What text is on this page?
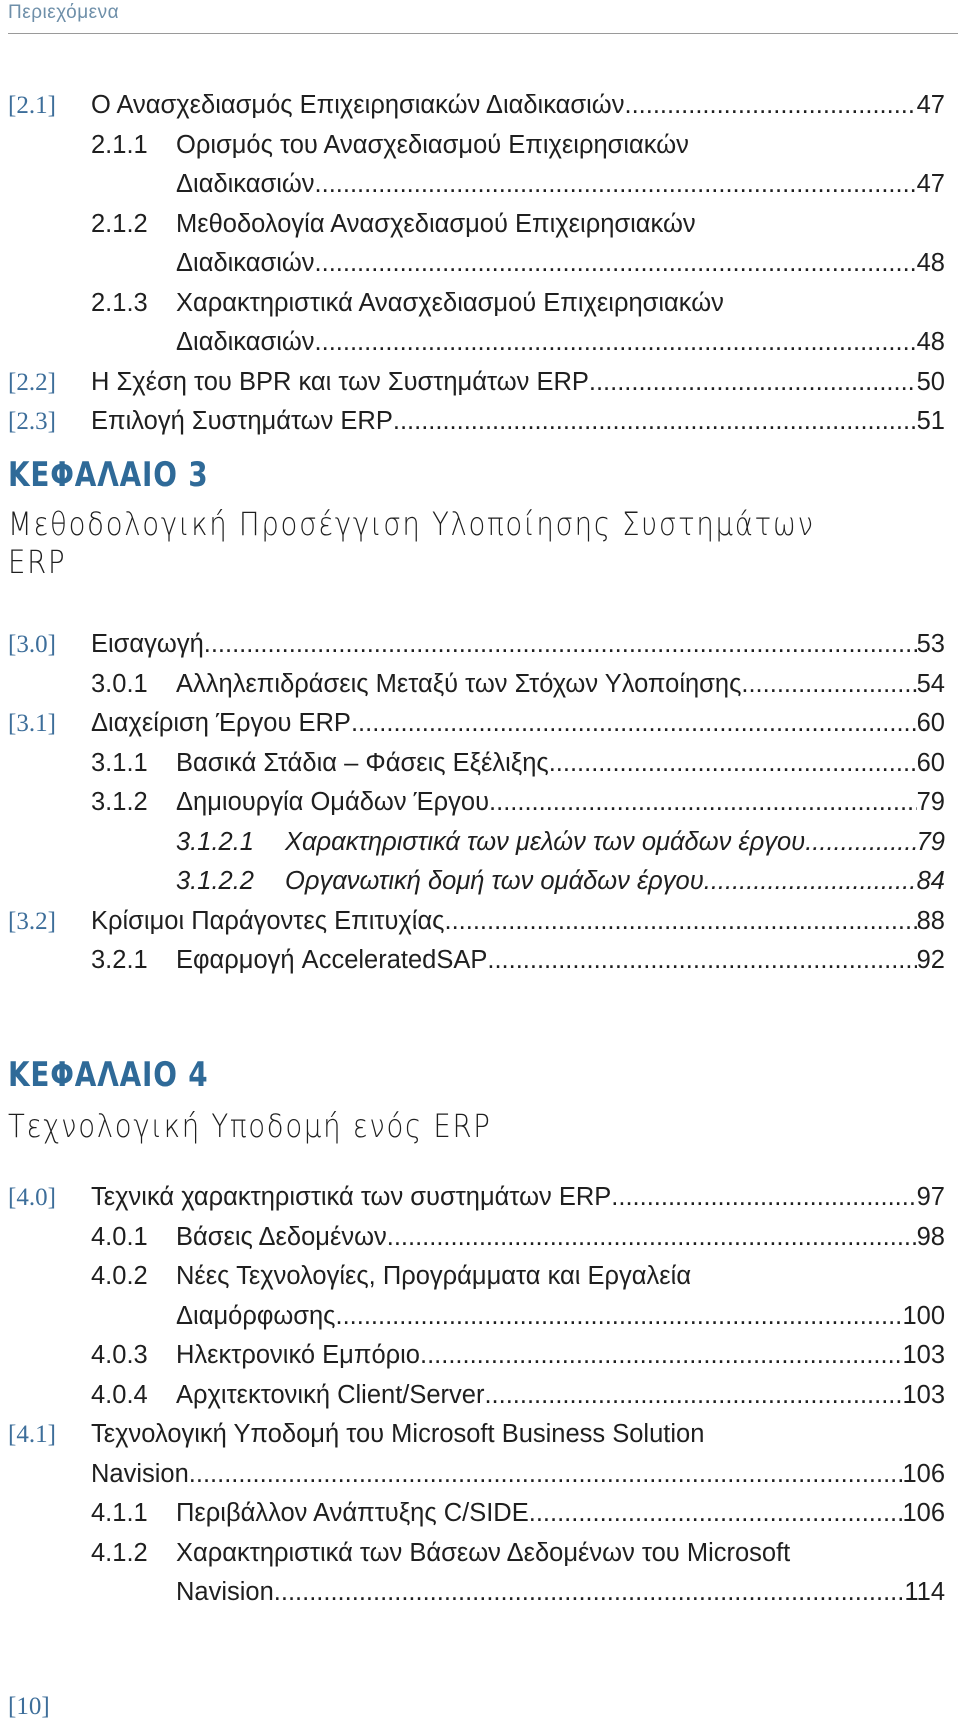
Περιεχόμενα
[2.1] Ο Ανασχεδιασμός Επιχειρησιακών Διαδικασιών .....	47
2.1.1 Ορισμός του Ανασχεδιασμού Επιχειρησιακών
Διαδικασιών .....	47
2.1.2 Μεθοδολογία Ανασχεδιασμού Επιχειρησιακών
Διαδικασιών .....	48
2.1.3 Χαρακτηριστικά Ανασχεδιασμού Επιχειρησιακών
Διαδικασιών .....	48
[2.2] Η Σχέση του BPR και των Συστημάτων ERP .....	50
[2.3] Επιλογή Συστημάτων ERP .....	51
ΚΕΦΑΛΑΙΟ 3
Μεθοδολογική Προσέγγιση Υλοποίησης Συστημάτων ERP
[3.0] Εισαγωγή .....	53
3.0.1 Αλληλεπιδράσεις Μεταξύ των Στόχων Υλοποίησης .....	54
[3.1] Διαχείριση Έργου ERP .....	60
3.1.1 Βασικά Στάδια – Φάσεις Εξέλιξης .....	60
3.1.2 Δημιουργία Ομάδων Έργου .....	79
3.1.2.1 Χαρακτηριστικά των μελών των ομάδων έργου .....	79
3.1.2.2 Οργανωτική δομή των ομάδων έργου .....	84
[3.2] Κρίσιμοι Παράγοντες Επιτυχίας .....	88
3.2.1 Εφαρμογή AcceleratedSAP .....	92
ΚΕΦΑΛΑΙΟ 4
Τεχνολογική Υποδομή ενός ERP
[4.0] Τεχνικά χαρακτηριστικά των συστημάτων ERP .....	97
4.0.1 Βάσεις Δεδομένων .....	98
4.0.2 Νέες Τεχνολογίες, Προγράμματα και Εργαλεία
Διαμόρφωσης .....	100
4.0.3 Ηλεκτρονικό Εμπόριο .....	103
4.0.4 Αρχιτεκτονική Client/Server .....	103
[4.1] Τεχνολογική Υποδομή του Microsoft Business Solution
Navision .....	106
4.1.1 Περιβάλλον Ανάπτυξης C/SIDE .....	106
4.1.2 Χαρακτηριστικά των Βάσεων Δεδομένων του Microsoft
Navision .....	114
[10]
